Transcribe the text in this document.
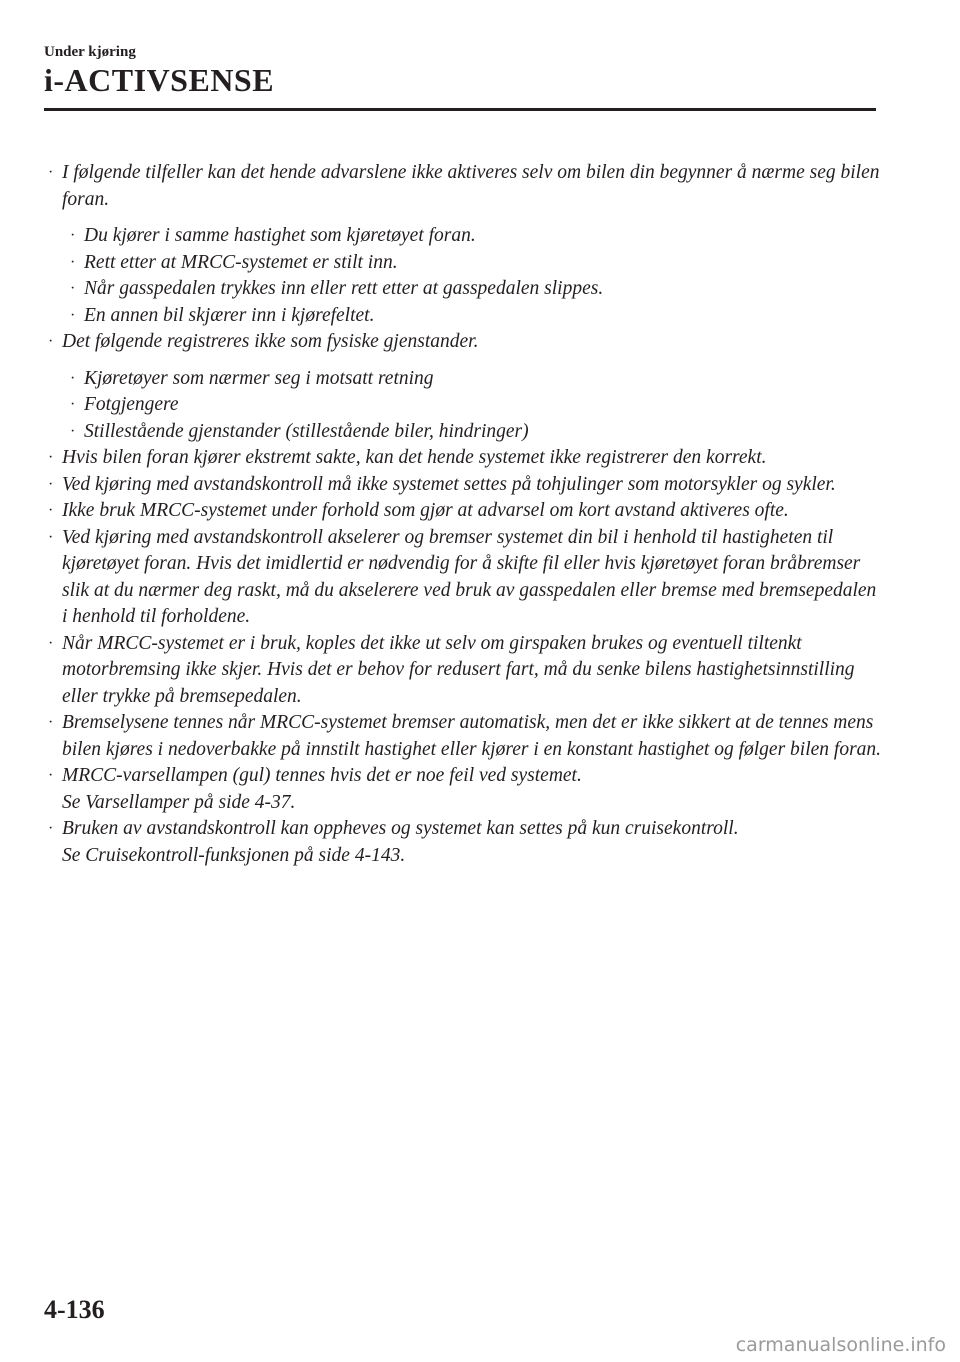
Under kjøring
i-ACTIVSENSE
· I følgende tilfeller kan det hende advarslene ikke aktiveres selv om bilen din begynner å nærme seg bilen foran.
· Du kjører i samme hastighet som kjøretøyet foran.
· Rett etter at MRCC-systemet er stilt inn.
· Når gasspedalen trykkes inn eller rett etter at gasspedalen slippes.
· En annen bil skjærer inn i kjørefeltet.
· Det følgende registreres ikke som fysiske gjenstander.
· Kjøretøyer som nærmer seg i motsatt retning
· Fotgjengere
· Stillestående gjenstander (stillestående biler, hindringer)
· Hvis bilen foran kjører ekstremt sakte, kan det hende systemet ikke registrerer den korrekt.
· Ved kjøring med avstandskontroll må ikke systemet settes på tohjulinger som motorsykler og sykler.
· Ikke bruk MRCC-systemet under forhold som gjør at advarsel om kort avstand aktiveres ofte.
· Ved kjøring med avstandskontroll akselerer og bremser systemet din bil i henhold til hastigheten til kjøretøyet foran. Hvis det imidlertid er nødvendig for å skifte fil eller hvis kjøretøyet foran bråbremser slik at du nærmer deg raskt, må du akselerere ved bruk av gasspedalen eller bremse med bremsepedalen i henhold til forholdene.
· Når MRCC-systemet er i bruk, koples det ikke ut selv om girspaken brukes og eventuell tiltenkt motorbremsing ikke skjer. Hvis det er behov for redusert fart, må du senke bilens hastighetsinnstilling eller trykke på bremsepedalen.
· Bremselysene tennes når MRCC-systemet bremser automatisk, men det er ikke sikkert at de tennes mens bilen kjøres i nedoverbakke på innstilt hastighet eller kjører i en konstant hastighet og følger bilen foran.
· MRCC-varsellampen (gul) tennes hvis det er noe feil ved systemet.
Se Varsellamper på side 4-37.
· Bruken av avstandskontroll kan oppheves og systemet kan settes på kun cruisekontroll.
Se Cruisekontroll-funksjonen på side 4-143.
4-136
carmanualsonline.info
